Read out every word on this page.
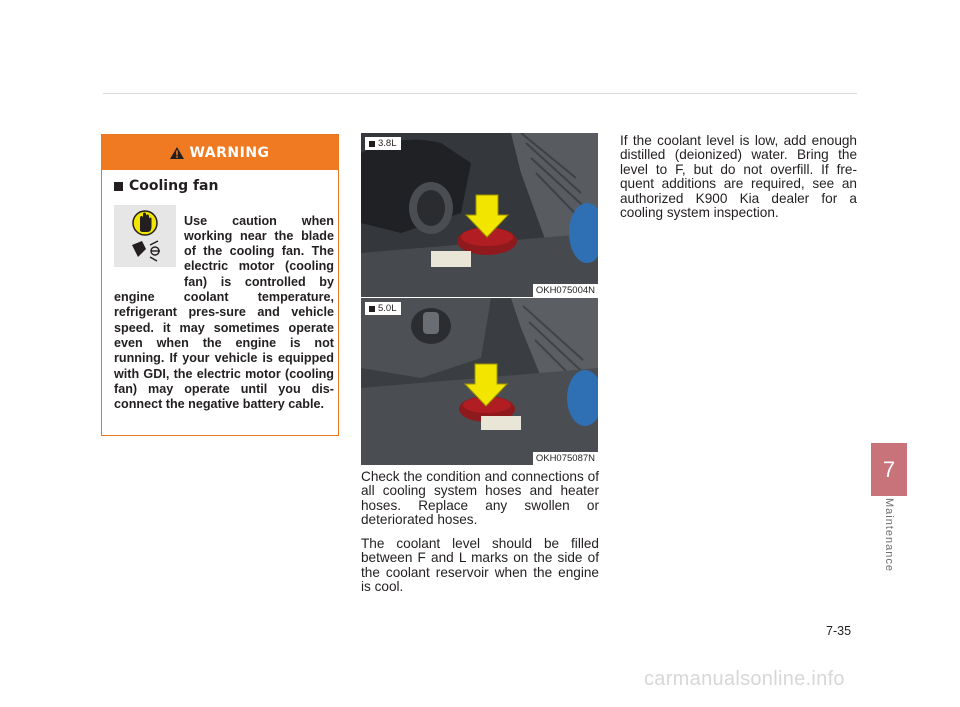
WARNING
Cooling fan

Use caution when working near the blade of the cooling fan. The electric motor (cooling fan) is controlled by engine coolant temperature, refrigerant pres-sure and vehicle speed. it may sometimes operate even when the engine is not running. If your vehicle is equipped with GDI, the electric motor (cooling fan) may operate until you dis-connect the negative battery cable.

3.8L
OKH075004N
5.0L
OKH075087N

Check the condition and connections of all cooling system hoses and heater hoses. Replace any swollen or deteriorated hoses.

The coolant level should be filled between F and L marks on the side of the coolant reservoir when the engine is cool.

If the coolant level is low, add enough distilled (deionized) water. Bring the level to F, but do not overfill. If fre-quent additions are required, see an authorized K900 Kia dealer for a cooling system inspection.

7
Maintenance
7-35
carmanualsonline.info
